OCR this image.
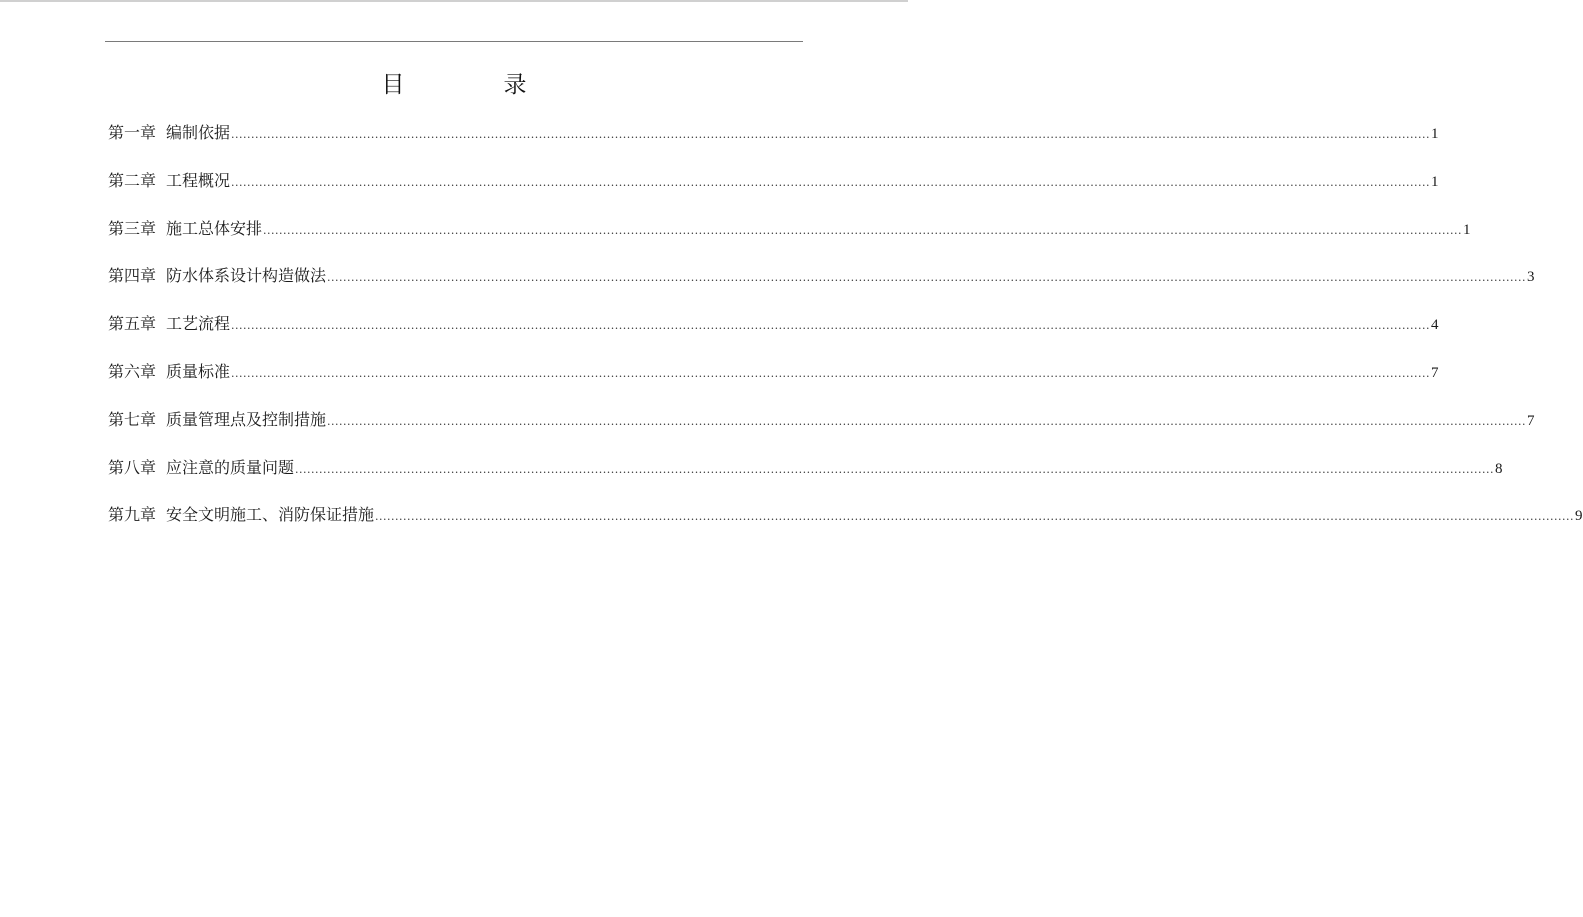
目　录
第一章 编制依据 ............................................................................................................................................................................................................................................................................................................ 1
第二章 工程概况 ............................................................................................................................................................................................................................................................................................................ 1
第三章 施工总体安排 ............................................................................................................................................................................................................................................................................................................ 1
第四章 防水体系设计构造做法 ............................................................................................................................................................................................................................................................................................................ 3
第五章 工艺流程 ............................................................................................................................................................................................................................................................................................................ 4
第六章 质量标准 ............................................................................................................................................................................................................................................................................................................ 7
第七章 质量管理点及控制措施 ............................................................................................................................................................................................................................................................................................................ 7
第八章 应注意的质量问题 ............................................................................................................................................................................................................................................................................................................ 8
第九章 安全文明施工、消防保证措施 ............................................................................................................................................................................................................................................................................................................ 9
